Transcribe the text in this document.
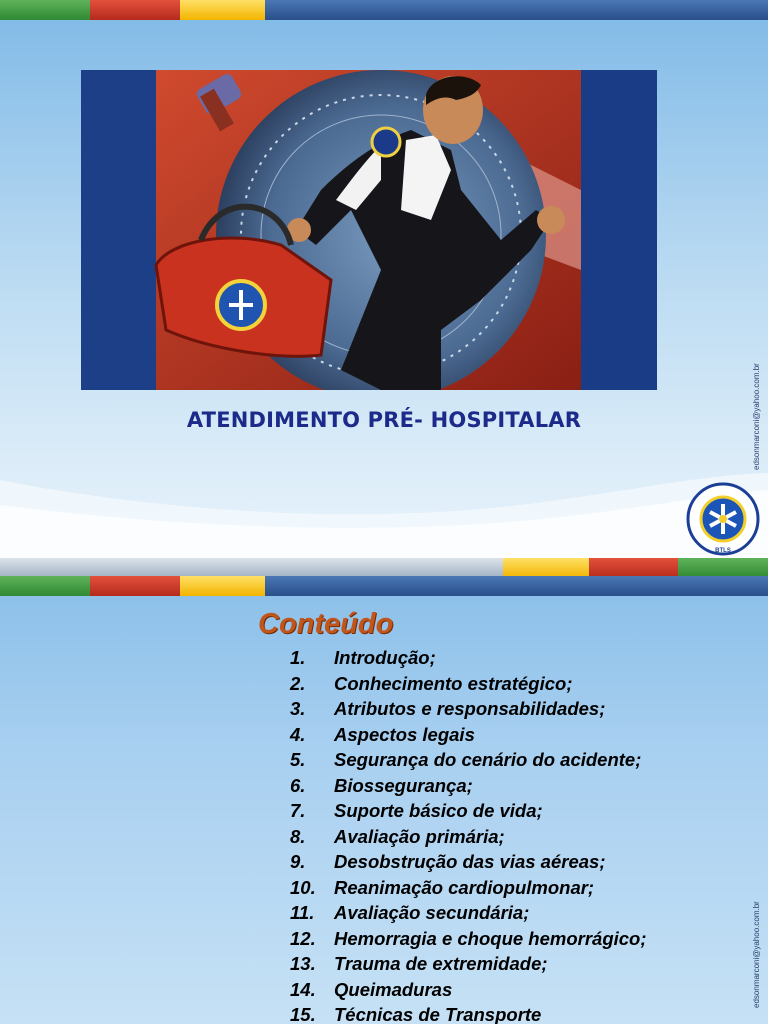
ATENDIMENTO PRÉ- HOSPITALAR	edsonmarconi@yahoo.com.br
BTLS
Conteúdo
1.	Introdução;
2.	Conhecimento estratégico;
3.	Atributos e responsabilidades;
4.	Aspectos legais
5.	Segurança do cenário do acidente;
6.	Biossegurança;
7.	Suporte básico de vida;
8.	Avaliação primária;
9.	Desobstrução das vias aéreas;
10. Reanimação cardiopulmonar;
11.	Avaliação secundária;
12. Hemorragia e choque hemorrágico;
13. Trauma de extremidade;
14. Queimaduras
15. Técnicas de Transporte
edsonmarconi@yahoo.com.br
